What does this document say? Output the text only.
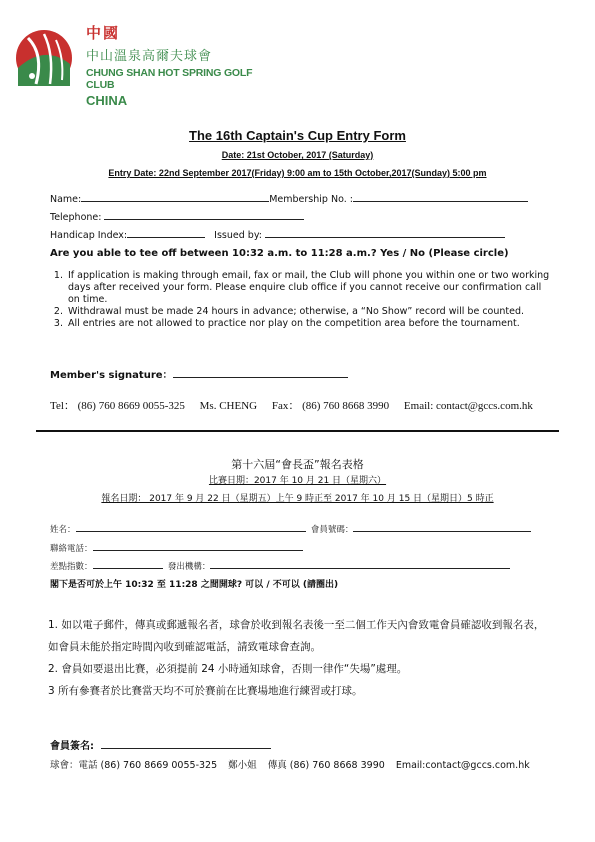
中國
中山溫泉高爾夫球會
CHUNG SHAN HOT SPRING GOLF CLUB
CHINA
The 16th Captain's Cup Entry Form
Date: 21st October, 2017 (Saturday)
Entry Date: 22nd September 2017(Friday) 9:00 am to 15th October,2017(Sunday) 5:00 pm
Name:	Membership No. :
Telephone:
Handicap Index:	Issued by:
Are you able to tee off between 10:32 a.m. to 11:28 a.m.? Yes / No (Please circle)
1. If application is making through email, fax or mail, the Club will phone you within one or two working days after received your form. Please enquire club office if you cannot receive our confirmation call on time.
2. Withdrawal must be made 24 hours in advance; otherwise, a “No Show” record will be counted.
3. All entries are not allowed to practice nor play on the competition area before the tournament.
Member's signature：
Tel： (86) 760 8669 0055-325 Ms. CHENG Fax： (86) 760 8668 3990 Email: contact@gccs.com.hk
第十六屆“會長盃”報名表格
比賽日期：2017 年 10 月 21 日（星期六）
報名日期： 2017 年 9 月 22 日（星期五）上午 9 時正至 2017 年 10 月 15 日（星期日）5 時正
姓名：	會員號碼：
聯絡電話：
差點指數：	發出機構：
閣下是否可於上午 10:32 至 11:28 之間開球? 可以 / 不可以 (請圈出)
1. 如以電子郵件，傳真或郵遞報名者，球會於收到報名表後一至二個工作天內會致電會員確認收到報名表，如會員未能於指定時間內收到確認電話，請致電球會查詢。
2. 會員如要退出比賽，必須提前 24 小時通知球會，否則一律作“失場”處理。
3 所有參賽者於比賽當天均不可於賽前在比賽場地進行練習或打球。
會員簽名:
球會：電話 (86) 760 8669 0055-325 鄭小姐 傳真 (86) 760 8668 3990 Email:contact@gccs.com.hk
